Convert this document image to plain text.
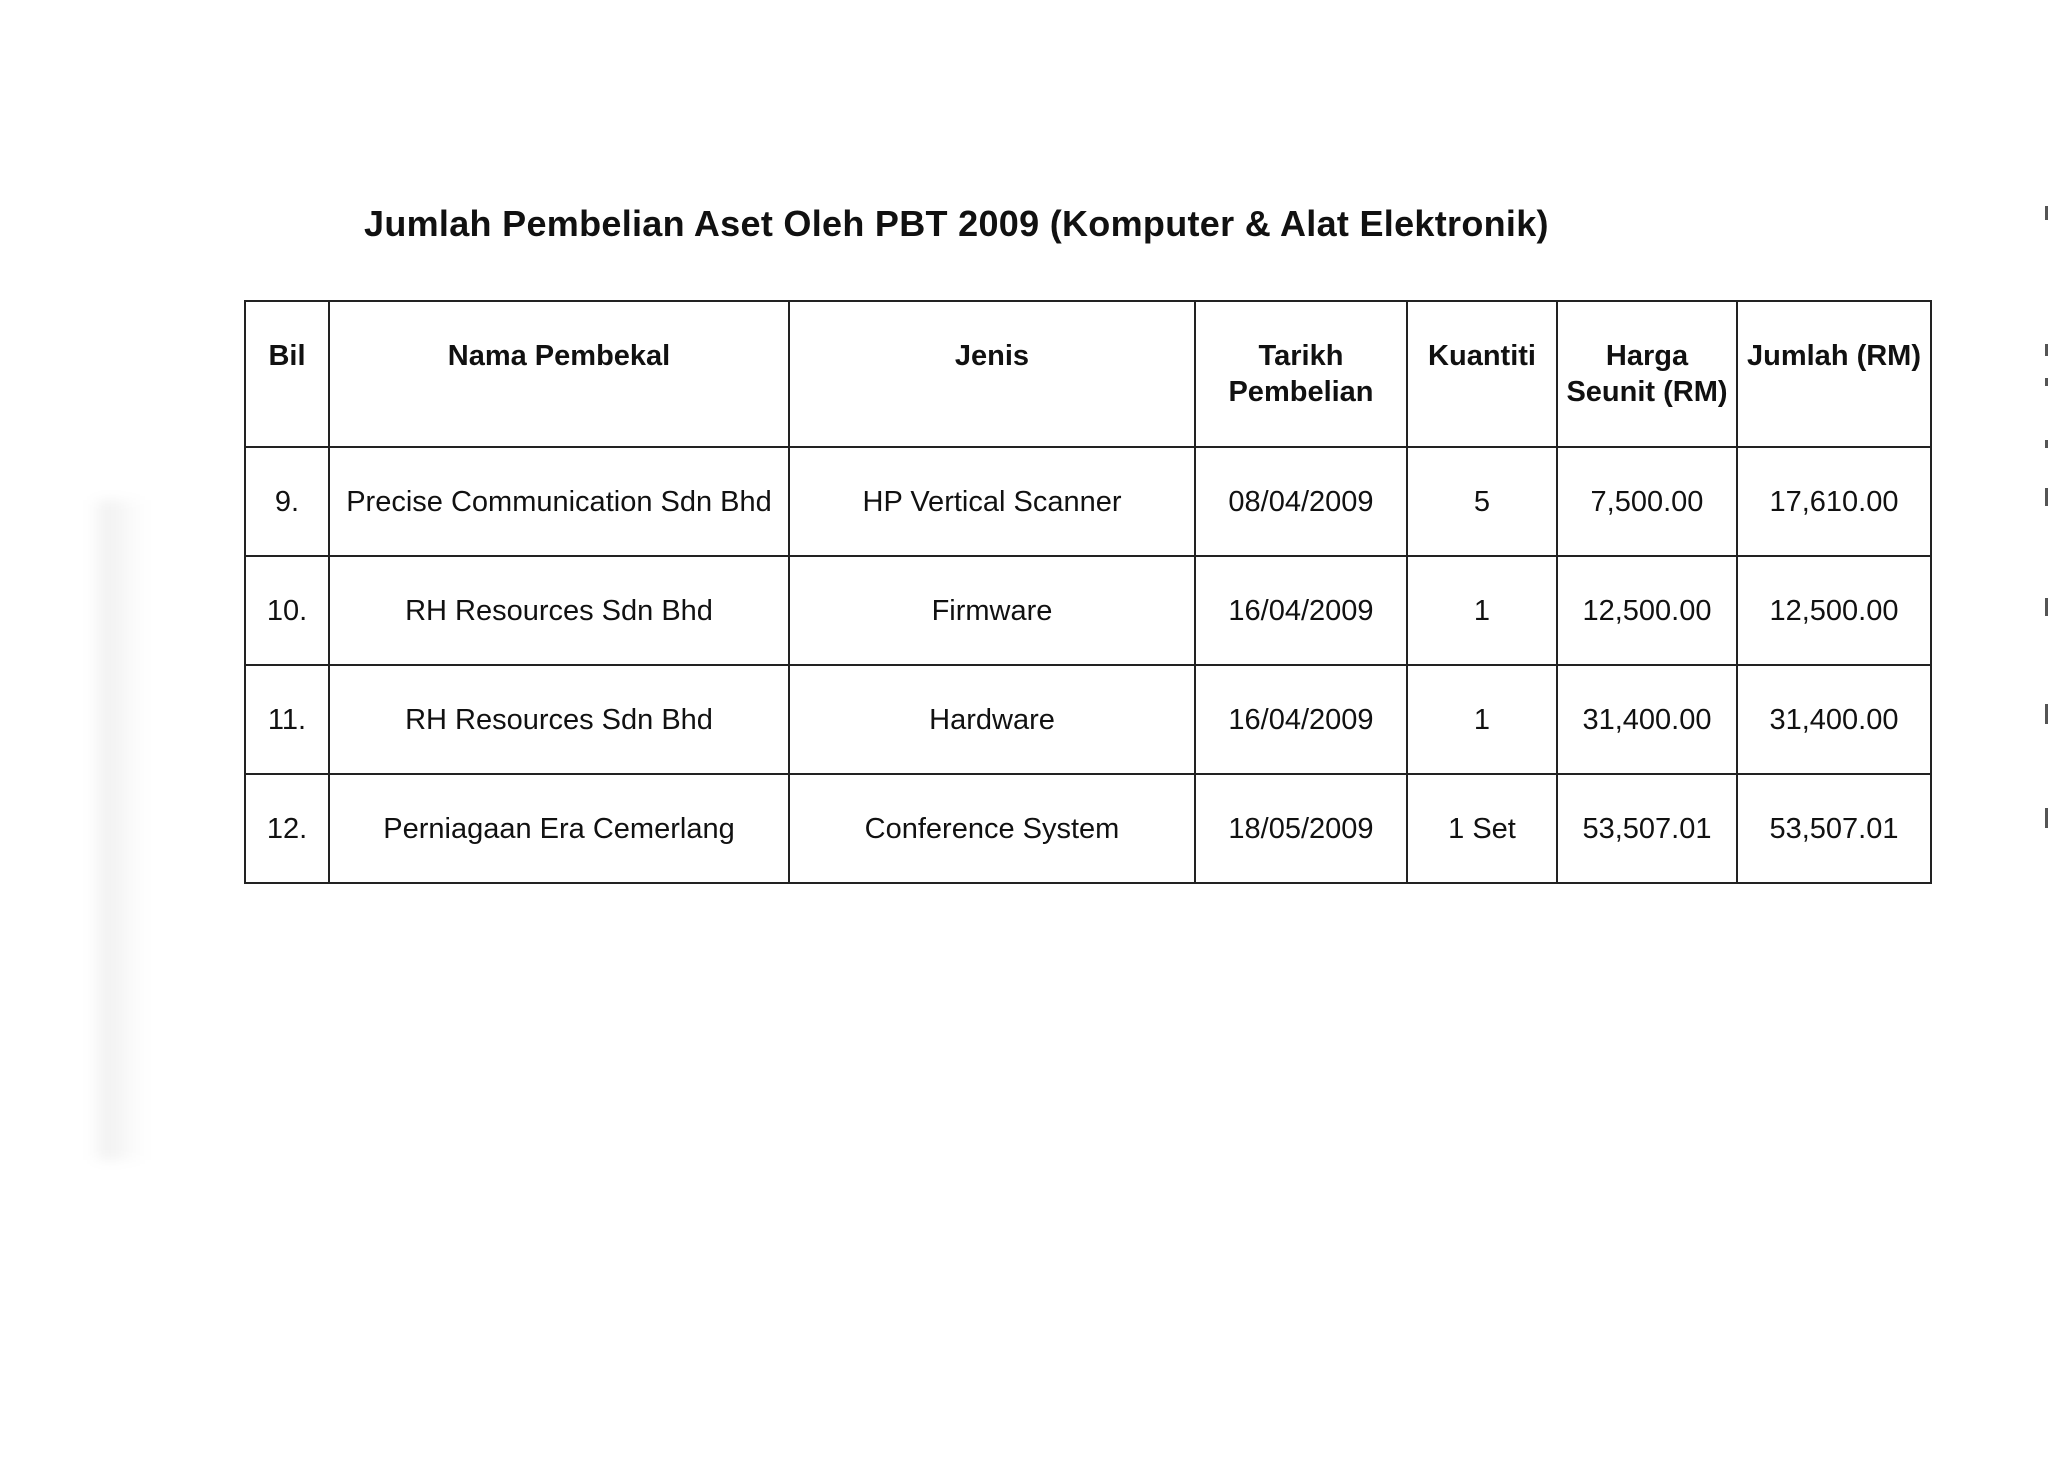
Jumlah Pembelian Aset Oleh PBT 2009 (Komputer & Alat Elektronik)
Bil	Nama Pembekal	Jenis	Tarikh Pembelian	Kuantiti	Harga Seunit (RM)	Jumlah (RM)
9.	Precise Communication Sdn Bhd	HP Vertical Scanner	08/04/2009	5	7,500.00	17,610.00
10.	RH Resources Sdn Bhd	Firmware	16/04/2009	1	12,500.00	12,500.00
11.	RH Resources Sdn Bhd	Hardware	16/04/2009	1	31,400.00	31,400.00
12.	Perniagaan Era Cemerlang	Conference System	18/05/2009	1 Set	53,507.01	53,507.01
